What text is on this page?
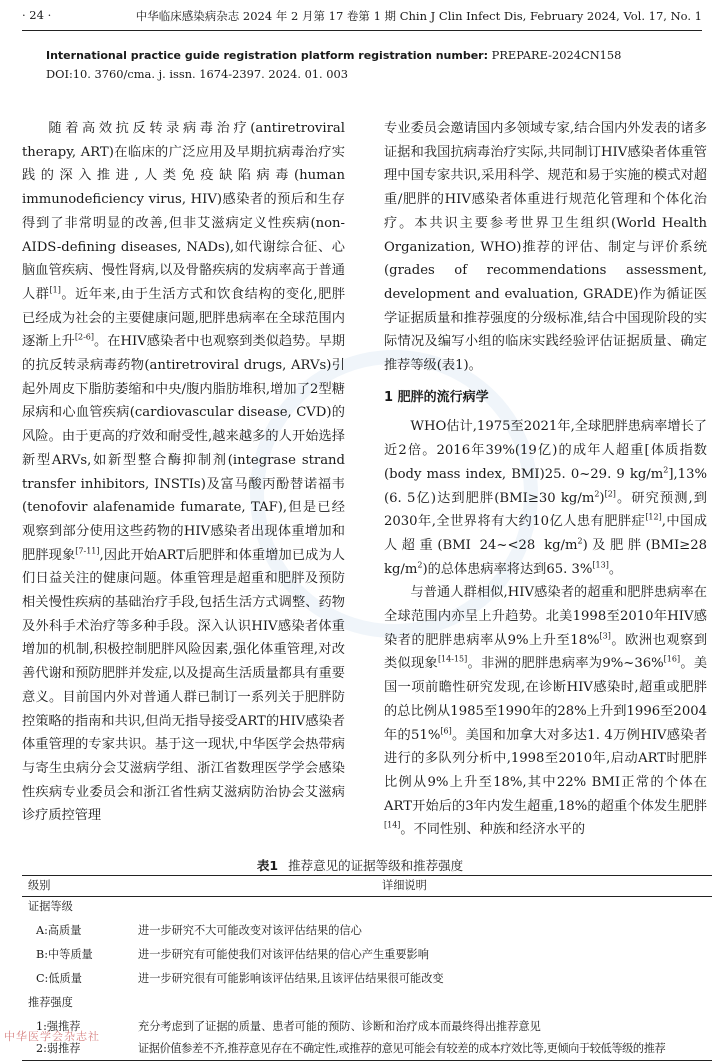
· 24 ·	中华临床感染病杂志 2024 年 2 月第 17 卷第 1 期 Chin J Clin Infect Dis, February 2024, Vol. 17, No. 1
International practice guide registration platform registration number: PREPARE-2024CN158
DOI:10. 3760/cma. j. issn. 1674-2397. 2024. 01. 003

随着高效抗反转录病毒治疗(antiretroviral therapy, ART)在临床的广泛应用及早期抗病毒治疗实践的深入推进,人类免疫缺陷病毒(human immunodeficiency virus, HIV)感染者的预后和生存得到了非常明显的改善,但非艾滋病定义性疾病(non-AIDS-defining diseases, NADs),如代谢综合征、心脑血管疾病、慢性肾病,以及骨骼疾病的发病率高于普通人群[1]。近年来,由于生活方式和饮食结构的变化,肥胖已经成为社会的主要健康问题,肥胖患病率在全球范围内逐渐上升[2-6]。在HIV感染者中也观察到类似趋势。早期的抗反转录病毒药物(antiretroviral drugs, ARVs)引起外周皮下脂肪萎缩和中央/腹内脂肪堆积,增加了2型糖尿病和心血管疾病(cardiovascular disease, CVD)的风险。由于更高的疗效和耐受性,越来越多的人开始选择新型ARVs,如新型整合酶抑制剂(integrase strand transfer inhibitors, INSTIs)及富马酸丙酚替诺福韦(tenofovir alafenamide fumarate, TAF),但是已经观察到部分使用这些药物的HIV感染者出现体重增加和肥胖现象[7-11],因此开始ART后肥胖和体重增加已成为人们日益关注的健康问题。体重管理是超重和肥胖及预防相关慢性疾病的基础治疗手段,包括生活方式调整、药物及外科手术治疗等多种手段。深入认识HIV感染者体重增加的机制,积极控制肥胖风险因素,强化体重管理,对改善代谢和预防肥胖并发症,以及提高生活质量都具有重要意义。目前国内外对普通人群已制订一系列关于肥胖防控策略的指南和共识,但尚无指导接受ART的HIV感染者体重管理的专家共识。基于这一现状,中华医学会热带病与寄生虫病分会艾滋病学组、浙江省数理医学学会感染性疾病专业委员会和浙江省性病艾滋病防治协会艾滋病诊疗质控管理

专业委员会邀请国内多领域专家,结合国内外发表的诸多证据和我国抗病毒治疗实际,共同制订HIV感染者体重管理中国专家共识,采用科学、规范和易于实施的模式对超重/肥胖的HIV感染者体重进行规范化管理和个体化治疗。本共识主要参考世界卫生组织(World Health Organization, WHO)推荐的评估、制定与评价系统(grades of recommendations assessment, development and evaluation, GRADE)作为循证医学证据质量和推荐强度的分级标准,结合中国现阶段的实际情况及编写小组的临床实践经验评估证据质量、确定推荐等级(表1)。

1 肥胖的流行病学

WHO估计,1975至2021年,全球肥胖患病率增长了近2倍。2016年39%(19亿)的成年人超重[体质指数(body mass index, BMI)25. 0~29. 9 $kg/m^2],13\%(6$. 5亿)达到肥胖(BMI≥30 $kg/m^2)[2]$。研究预测,到2030年,全世界将有大约10亿人患有肥胖症[12],中国成人超重(BMI 24~<28 $kg/m^2$)及肥胖(BMI≥28 $kg/m^2$)的总体患病率将达到65. 3%[13]。

与普通人群相似,HIV感染者的超重和肥胖患病率在全球范围内亦呈上升趋势。北美1998至2010年HIV感染者的肥胖患病率从9%上升至18%[3]。欧洲也观察到类似现象[14-15]。非洲的肥胖患病率为9%~36%[16]。美国一项前瞻性研究发现,在诊断HIV感染时,超重或肥胖的总比例从1985至1990年的28%上升到1996至2004年的51%[6]。美国和加拿大对多达1. 4万例HIV感染者进行的多队列分析中,1998至2010年,启动ART时肥胖比例从9%上升至18%,其中22% BMI正常的个体在ART开始后的3年内发生超重,18%的超重个体发生肥胖[14]。不同性别、种族和经济水平的

表1 推荐意见的证据等级和推荐强度
级别	详细说明
证据等级
A:高质量	进一步研究不大可能改变对该评估结果的信心
B:中等质量	进一步研究有可能使我们对该评估结果的信心产生重要影响
C:低质量	进一步研究很有可能影响该评估结果,且该评估结果很可能改变
推荐强度
1:强推荐	充分考虑到了证据的质量、患者可能的预防、诊断和治疗成本而最终得出推荐意见
2:弱推荐	证据价值参差不齐,推荐意见存在不确定性,或推荐的意见可能会有较差的成本疗效比等,更倾向于较低等级的推荐
中华医学会杂志社
